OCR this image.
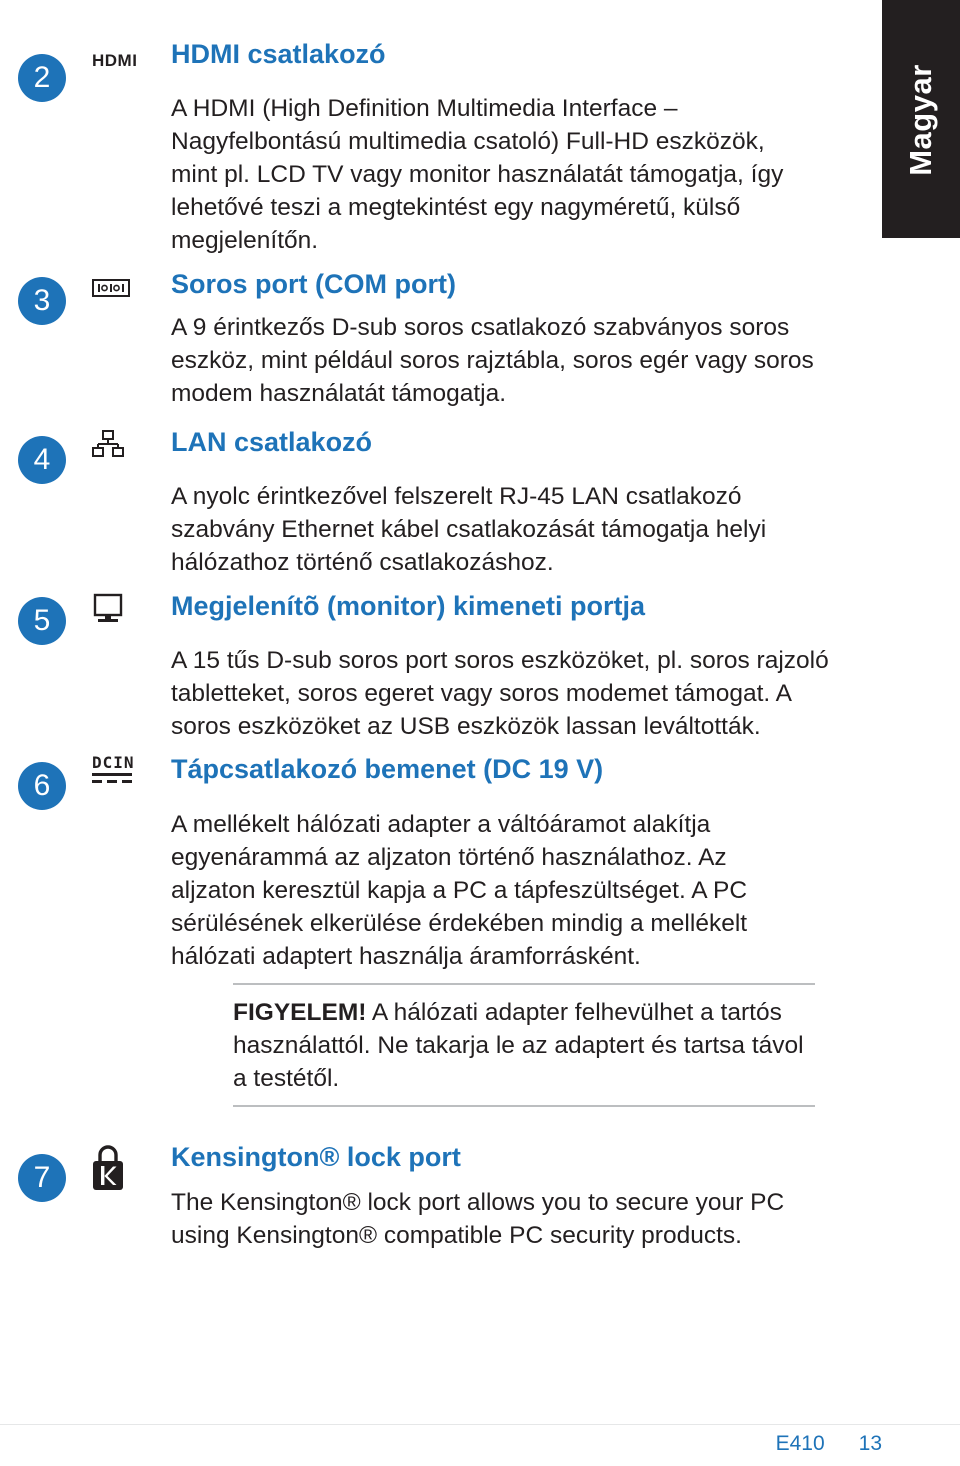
Magyar
2
HDMI HDMI csatlakozó

A HDMI (High Definition Multimedia Interface –
Nagyfelbontású multimedia csatoló) Full-HD eszközök,
mint pl. LCD TV vagy monitor használatát támogatja, így
lehetővé teszi a megtekintést egy nagyméretű, külső
megjelenítőn.

3	Soros port (COM port)

A 9 érintkezős D-sub soros csatlakozó szabványos soros
eszköz, mint például soros rajztábla, soros egér vagy soros
modem használatát támogatja.

4
LAN csatlakozó

A nyolc érintkezővel felszerelt RJ-45 LAN csatlakozó
szabvány Ethernet kábel csatlakozását támogatja helyi
hálózathoz történő csatlakozáshoz.

5	Megjelenítõ (monitor) kimeneti portja

A 15 tűs D-sub soros port soros eszközöket, pl. soros rajzoló
tabletteket, soros egeret vagy soros modemet támogat. A
soros eszközöket az USB eszközök lassan leváltották.

6
DCIN Tápcsatlakozó bemenet (DC 19 V)

A mellékelt hálózati adapter a váltóáramot alakítja
egyenárammá az aljzaton történő használathoz. Az
aljzaton keresztül kapja a PC a tápfeszültséget. A PC
sérülésének elkerülése érdekében mindig a mellékelt
hálózati adaptert használja áramforrásként.

FIGYELEM! A hálózati adapter felhevülhet a tartós
használattól. Ne takarja le az adaptert és tartsa távol
a testétől.

7
Kensington® lock port

The Kensington® lock port allows you to secure your PC
using Kensington® compatible PC security products.

E410 13
